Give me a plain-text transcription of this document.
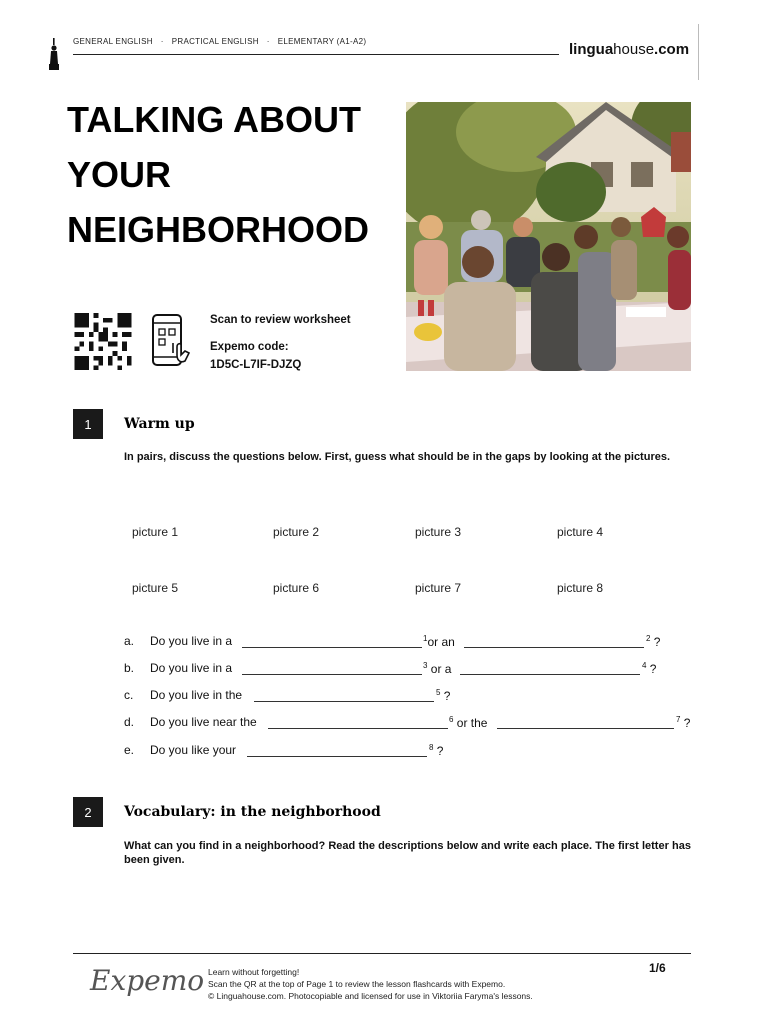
GENERAL ENGLISH · PRACTICAL ENGLISH · ELEMENTARY (A1-A2)	linguahouse.com
TALKING ABOUT
YOUR
NEIGHBORHOOD
Scan to review worksheet
Expemo code:
1D5C-L7IF-DJZQ
1	Warm up
In pairs, discuss the questions below. First, guess what should be in the gaps by looking at the pictures.
picture 1	picture 2	picture 3	picture 4
picture 5	picture 6	picture 7	picture 8
a. Do you live in a	$^1$or an	$^2$ ?
b. Do you live in a	$^3$ or a	$^4$ ?
c. Do you live in the	$^5$ ?
d. Do you live near the	$^6$ or the	$^7$ ?
e. Do you like your	$^8$ ?
2	Vocabulary: in the neighborhood
What can you find in a neighborhood? Read the descriptions below and write each place. The first letter has been given.
Expemo Learn without forgetting!
Scan the QR at the top of Page 1 to review the lesson flashcards with Expemo.
© Linguahouse.com. Photocopiable and licensed for use in Viktoriia Faryma's lessons.
1/6
